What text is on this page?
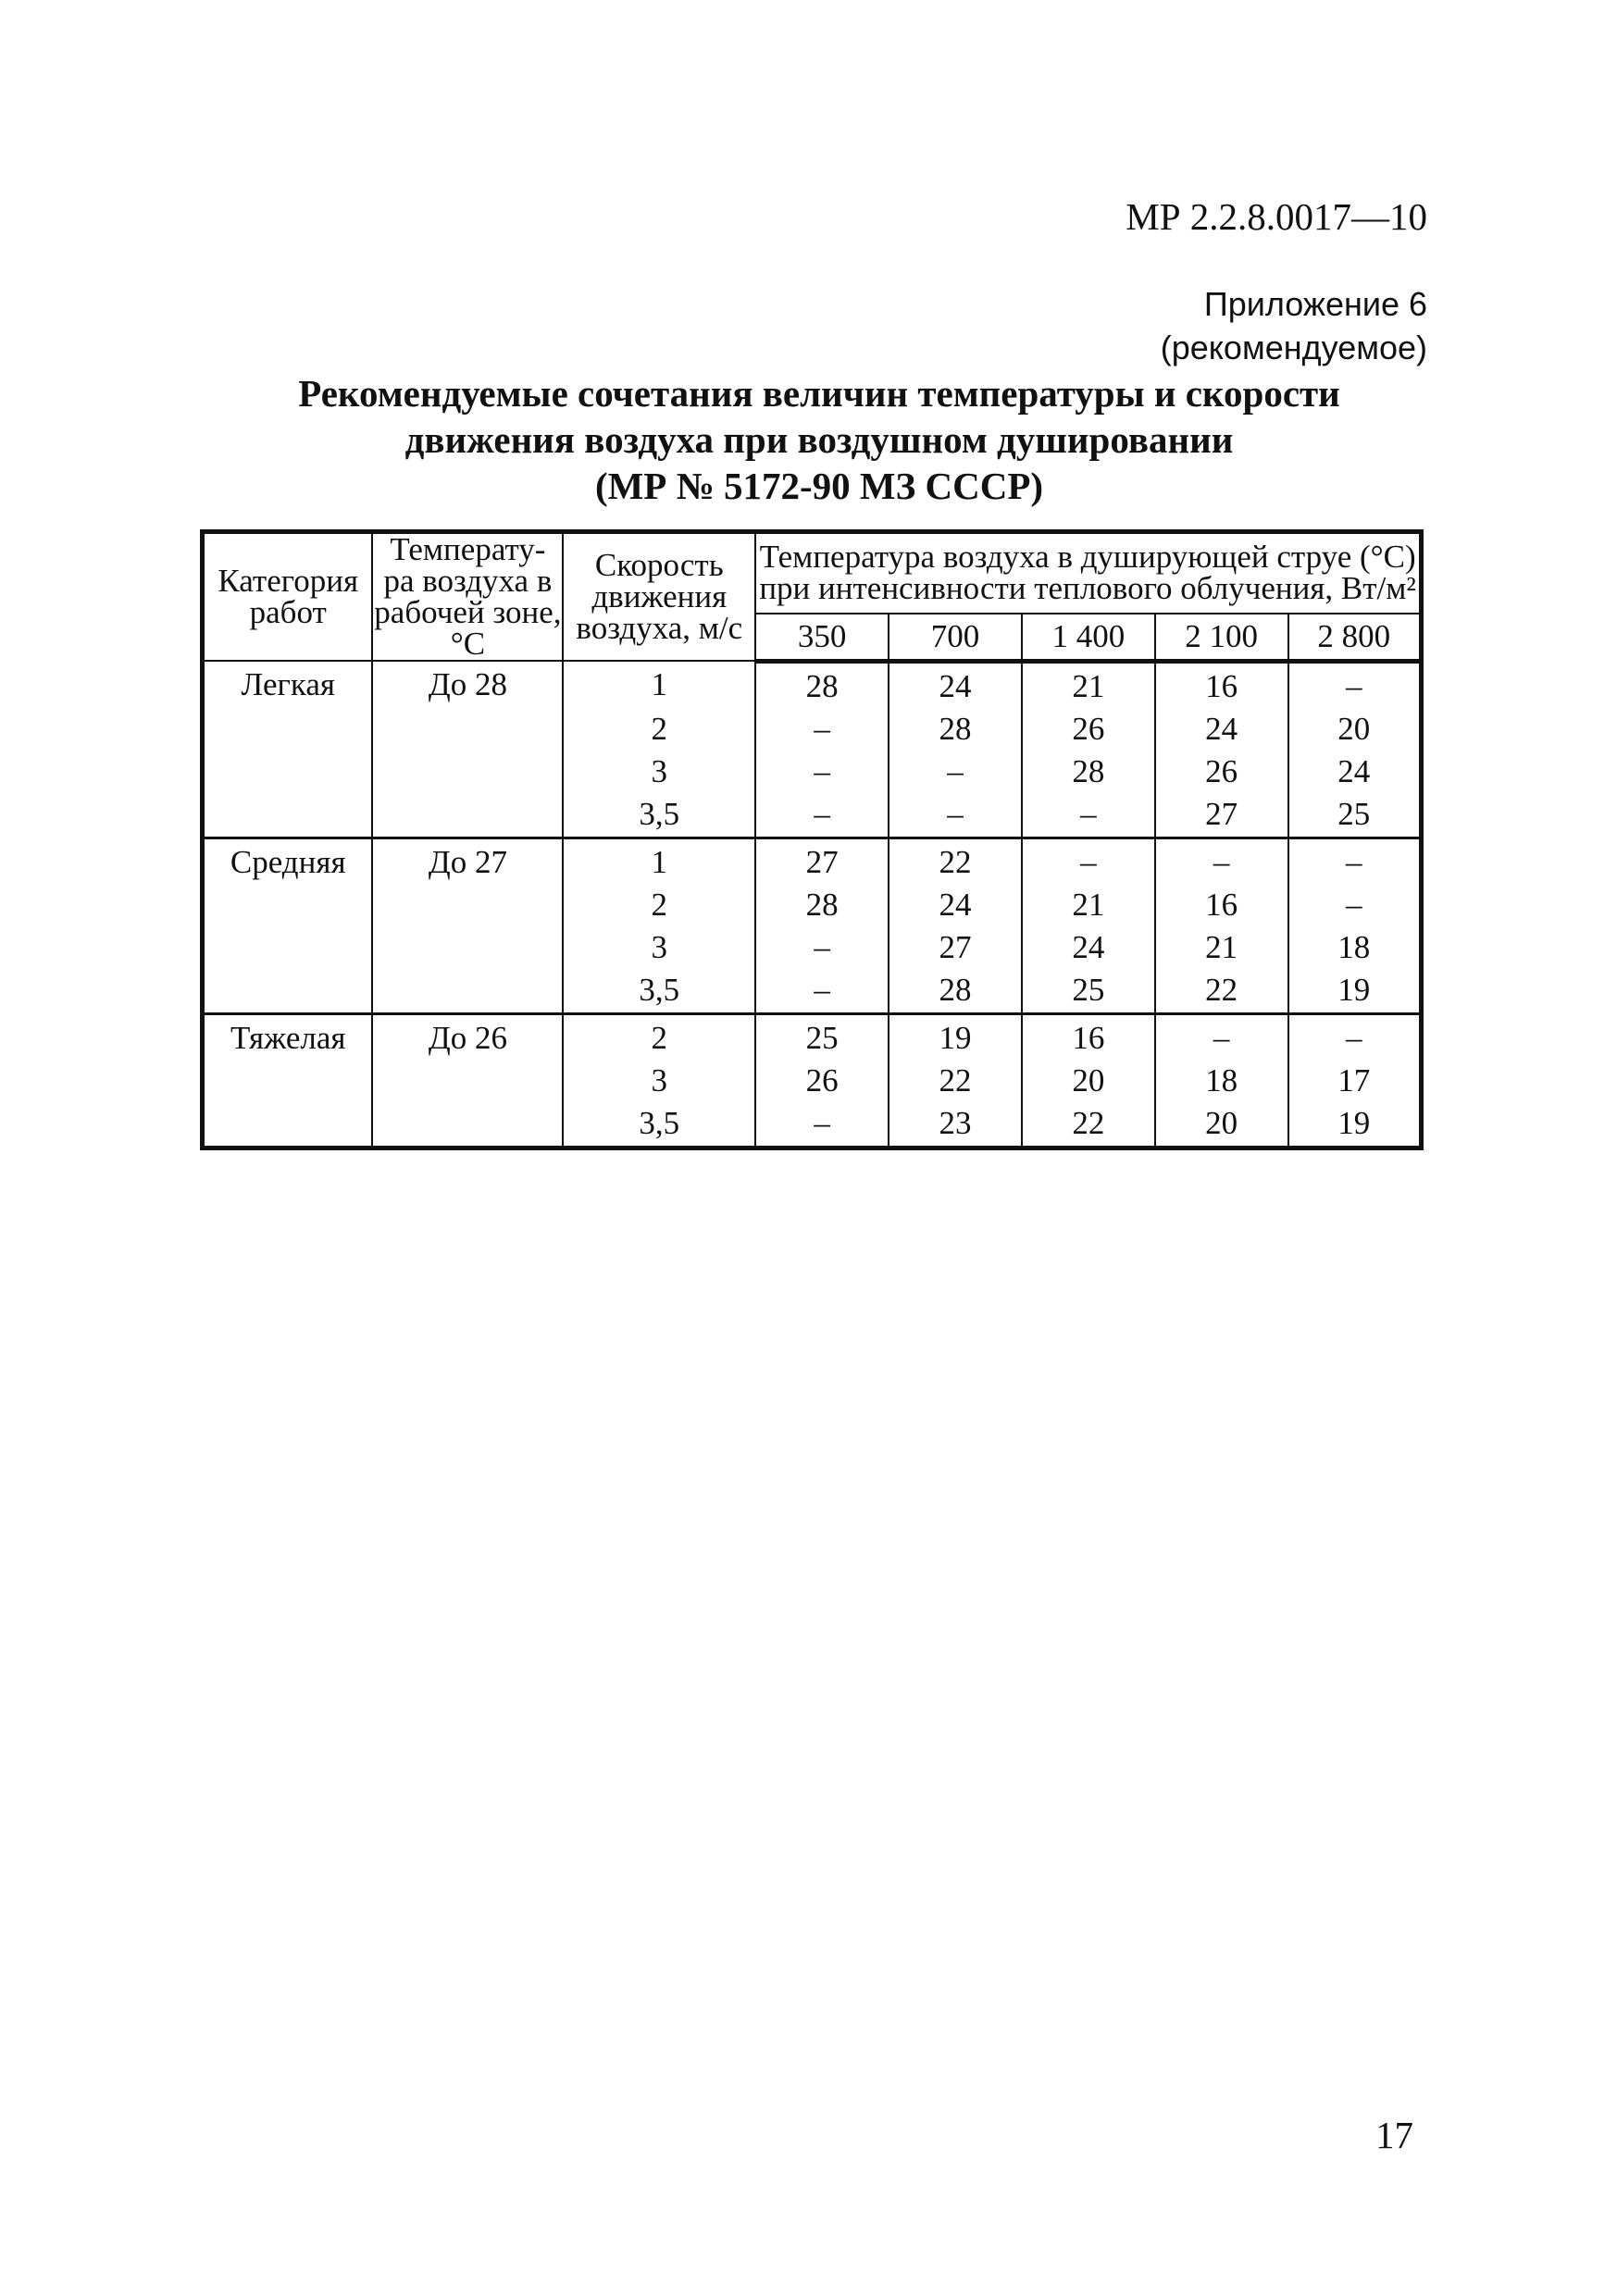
МР 2.2.8.0017—10
Приложение 6
(рекомендуемое)
Рекомендуемые сочетания величин температуры и скорости
движения воздуха при воздушном душировании
(МР № 5172-90 МЗ СССР)
Категория работ	Температу- ра воздуха в рабочей зоне, °С	Скорость движения воздуха, м/с	Температура воздуха в душирующей струе (°С) при интенсивности теплового облучения, Вт/м²				
			350	700	1 400	2 100	2 800
Легкая	До 28	1	28	24	21	16	–
		2	–	28	26	24	20
		3	–	–	28	26	24
		3,5	–	–	–	27	25
Средняя	До 27	1	27	22	–	–	–
		2	28	24	21	16	–
		3	–	27	24	21	18
		3,5	–	28	25	22	19
Тяжелая	До 26	2	25	19	16	–	–
		3	26	22	20	18	17
		3,5	–	23	22	20	19
17
